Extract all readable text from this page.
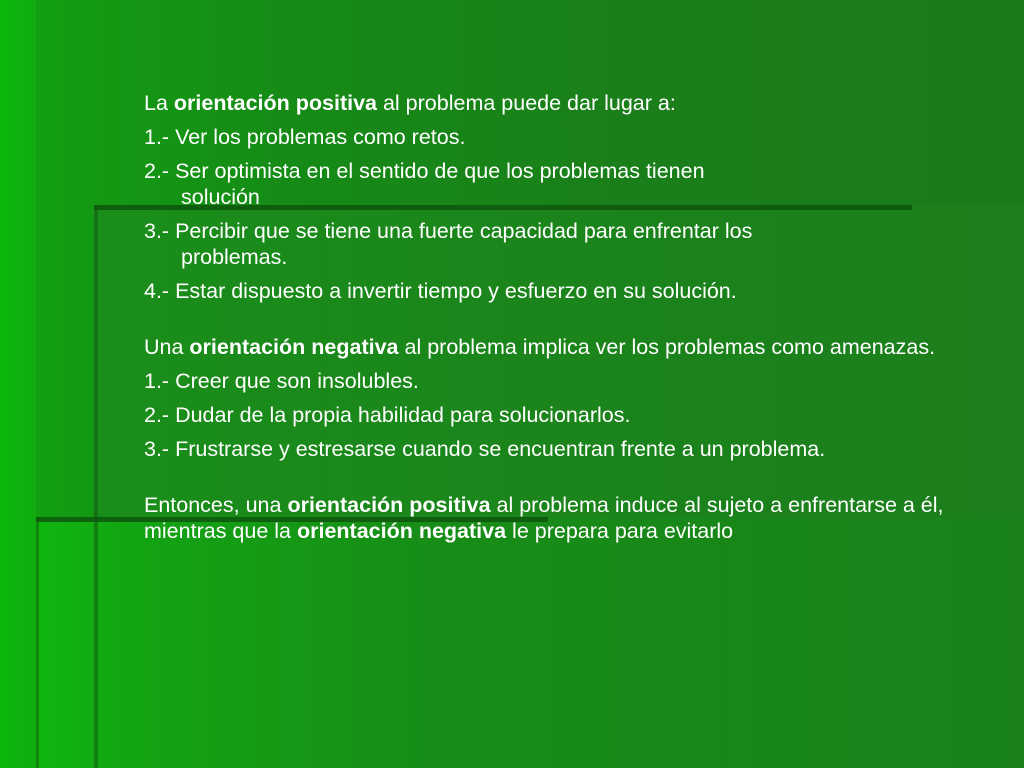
La orientación positiva al problema puede dar lugar a:

1.- Ver los problemas como retos.

2.- Ser optimista en el sentido de que los problemas tienen

solución

3.- Percibir que se tiene una fuerte capacidad para enfrentar los

problemas.

4.- Estar dispuesto a invertir tiempo y esfuerzo en su solución.

Una orientación negativa al problema implica ver los problemas como amenazas.

1.- Creer que son insolubles.

2.- Dudar de la propia habilidad para solucionarlos.

3.- Frustrarse y estresarse cuando se encuentran frente a un problema.

Entonces, una orientación positiva al problema induce al sujeto a enfrentarse a él, mientras que la orientación negativa le prepara para evitarlo
